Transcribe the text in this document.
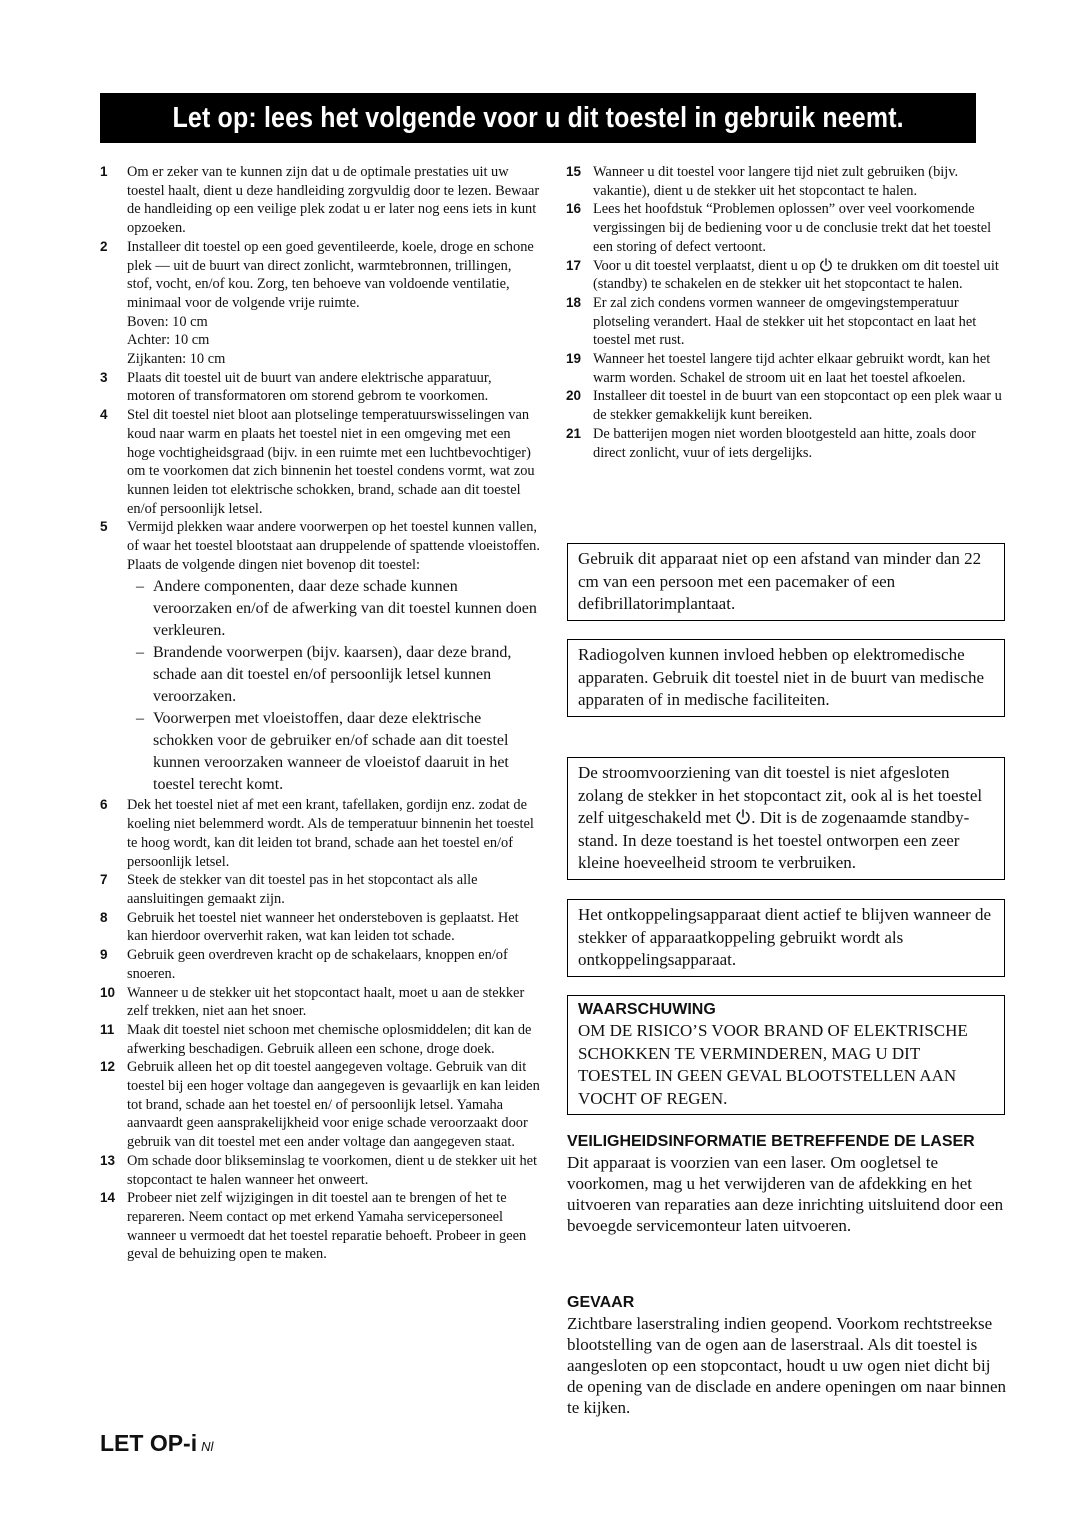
Let op: lees het volgende voor u dit toestel in gebruik neemt.
1	Om er zeker van te kunnen zijn dat u de optimale prestaties uit uw toestel haalt, dient u deze handleiding zorgvuldig door te lezen. Bewaar de handleiding op een veilige plek zodat u er later nog eens iets in kunt opzoeken.
2	Installeer dit toestel op een goed geventileerde, koele, droge en schone plek — uit de buurt van direct zonlicht, warmtebronnen, trillingen, stof, vocht, en/of kou. Zorg, ten behoeve van voldoende ventilatie, minimaal voor de volgende vrije ruimte.
Boven: 10 cm
Achter: 10 cm
Zijkanten: 10 cm
3	Plaats dit toestel uit de buurt van andere elektrische apparatuur, motoren of transformatoren om storend gebrom te voorkomen.
4	Stel dit toestel niet bloot aan plotselinge temperatuurswisselingen van koud naar warm en plaats het toestel niet in een omgeving met een hoge vochtigheidsgraad (bijv. in een ruimte met een luchtbevochtiger) om te voorkomen dat zich binnenin het toestel condens vormt, wat zou kunnen leiden tot elektrische schokken, brand, schade aan dit toestel en/of persoonlijk letsel.
5	Vermijd plekken waar andere voorwerpen op het toestel kunnen vallen, of waar het toestel blootstaat aan druppelende of spattende vloeistoffen. Plaats de volgende dingen niet bovenop dit toestel:
– Andere componenten, daar deze schade kunnen veroorzaken en/of de afwerking van dit toestel kunnen doen verkleuren.
– Brandende voorwerpen (bijv. kaarsen), daar deze brand, schade aan dit toestel en/of persoonlijk letsel kunnen veroorzaken.
– Voorwerpen met vloeistoffen, daar deze elektrische schokken voor de gebruiker en/of schade aan dit toestel kunnen veroorzaken wanneer de vloeistof daaruit in het toestel terecht komt.
6	Dek het toestel niet af met een krant, tafellaken, gordijn enz. zodat de koeling niet belemmerd wordt. Als de temperatuur binnenin het toestel te hoog wordt, kan dit leiden tot brand, schade aan het toestel en/of persoonlijk letsel.
7	Steek de stekker van dit toestel pas in het stopcontact als alle aansluitingen gemaakt zijn.
8	Gebruik het toestel niet wanneer het ondersteboven is geplaatst. Het kan hierdoor oververhit raken, wat kan leiden tot schade.
9	Gebruik geen overdreven kracht op de schakelaars, knoppen en/of snoeren.
10 Wanneer u de stekker uit het stopcontact haalt, moet u aan de stekker zelf trekken, niet aan het snoer.
11 Maak dit toestel niet schoon met chemische oplosmiddelen; dit kan de afwerking beschadigen. Gebruik alleen een schone, droge doek.
12 Gebruik alleen het op dit toestel aangegeven voltage. Gebruik van dit toestel bij een hoger voltage dan aangegeven is gevaarlijk en kan leiden tot brand, schade aan het toestel en/ of persoonlijk letsel. Yamaha aanvaardt geen aansprakelijkheid voor enige schade veroorzaakt door gebruik van dit toestel met een ander voltage dan aangegeven staat.
13 Om schade door blikseminslag te voorkomen, dient u de stekker uit het stopcontact te halen wanneer het onweert.
14 Probeer niet zelf wijzigingen in dit toestel aan te brengen of het te repareren. Neem contact op met erkend Yamaha servicepersoneel wanneer u vermoedt dat het toestel reparatie behoeft. Probeer in geen geval de behuizing open te maken.
15 Wanneer u dit toestel voor langere tijd niet zult gebruiken (bijv. vakantie), dient u de stekker uit het stopcontact te halen.
16 Lees het hoofdstuk “Problemen oplossen” over veel voorkomende vergissingen bij de bediening voor u de conclusie trekt dat het toestel een storing of defect vertoont.
17 Voor u dit toestel verplaatst, dient u op te drukken om dit toestel uit (standby) te schakelen en de stekker uit het stopcontact te halen.
18 Er zal zich condens vormen wanneer de omgevingstemperatuur plotseling verandert. Haal de stekker uit het stopcontact en laat het toestel met rust.
19 Wanneer het toestel langere tijd achter elkaar gebruikt wordt, kan het warm worden. Schakel de stroom uit en laat het toestel afkoelen.
20 Installeer dit toestel in de buurt van een stopcontact op een plek waar u de stekker gemakkelijk kunt bereiken.
21 De batterijen mogen niet worden blootgesteld aan hitte, zoals door direct zonlicht, vuur of iets dergelijks.
Gebruik dit apparaat niet op een afstand van minder dan 22 cm van een persoon met een pacemaker of een defibrillatorimplantaat.
Radiogolven kunnen invloed hebben op elektromedische apparaten. Gebruik dit toestel niet in de buurt van medische apparaten of in medische faciliteiten.
De stroomvoorziening van dit toestel is niet afgesloten zolang de stekker in het stopcontact zit, ook al is het toestel zelf uitgeschakeld met . Dit is de zogenaamde standby-stand. In deze toestand is het toestel ontworpen een zeer kleine hoeveelheid stroom te verbruiken.
Het ontkoppelingsapparaat dient actief te blijven wanneer de stekker of apparaatkoppeling gebruikt wordt als ontkoppelingsapparaat.
WAARSCHUWING
OM DE RISICO’S VOOR BRAND OF ELEKTRISCHE SCHOKKEN TE VERMINDEREN, MAG U DIT TOESTEL IN GEEN GEVAL BLOOTSTELLEN AAN VOCHT OF REGEN.
VEILIGHEIDSINFORMATIE BETREFFENDE DE LASER
Dit apparaat is voorzien van een laser. Om oogletsel te voorkomen, mag u het verwijderen van de afdekking en het uitvoeren van reparaties aan deze inrichting uitsluitend door een bevoegde servicemonteur laten uitvoeren.
GEVAAR
Zichtbare laserstraling indien geopend. Voorkom rechtstreekse blootstelling van de ogen aan de laserstraal. Als dit toestel is aangesloten op een stopcontact, houdt u uw ogen niet dicht bij de opening van de disclade en andere openingen om naar binnen te kijken.
LET OP-i Nl
